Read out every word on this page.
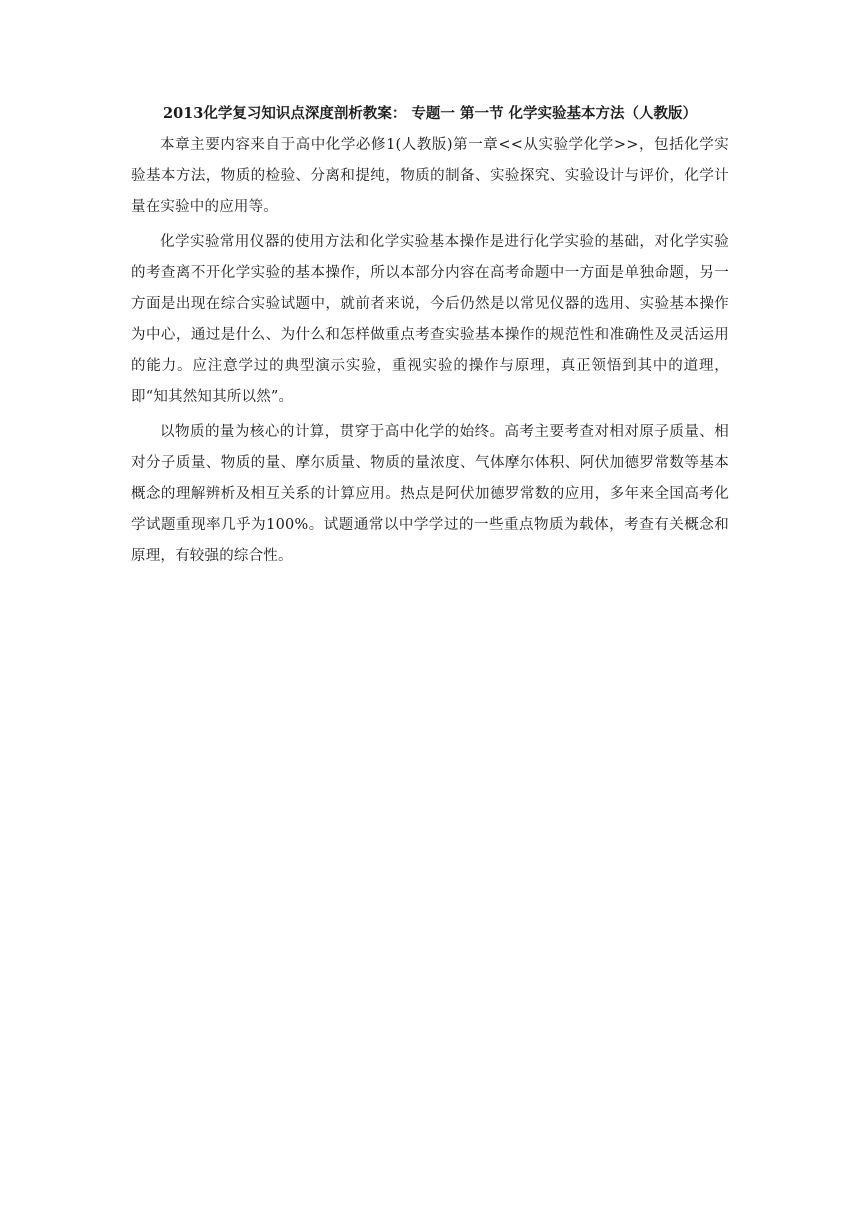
2013化学复习知识点深度剖析教案： 专题一 第一节 化学实验基本方法（人教版）

本章主要内容来自于高中化学必修1(人教版)第一章<<从实验学化学>>，包括化学实验基本方法，物质的检验、分离和提纯，物质的制备、实验探究、实验设计与评价，化学计量在实验中的应用等。

化学实验常用仪器的使用方法和化学实验基本操作是进行化学实验的基础，对化学实验的考查离不开化学实验的基本操作，所以本部分内容在高考命题中一方面是单独命题，另一方面是出现在综合实验试题中，就前者来说，今后仍然是以常见仪器的选用、实验基本操作为中心，通过是什么、为什么和怎样做重点考查实验基本操作的规范性和准确性及灵活运用的能力。应注意学过的典型演示实验，重视实验的操作与原理，真正领悟到其中的道理，即“知其然知其所以然”。

以物质的量为核心的计算，贯穿于高中化学的始终。高考主要考查对相对原子质量、相对分子质量、物质的量、摩尔质量、物质的量浓度、气体摩尔体积、阿伏加德罗常数等基本概念的理解辨析及相互关系的计算应用。热点是阿伏加德罗常数的应用，多年来全国高考化学试题重现率几乎为100%。试题通常以中学学过的一些重点物质为载体，考查有关概念和原理，有较强的综合性。
